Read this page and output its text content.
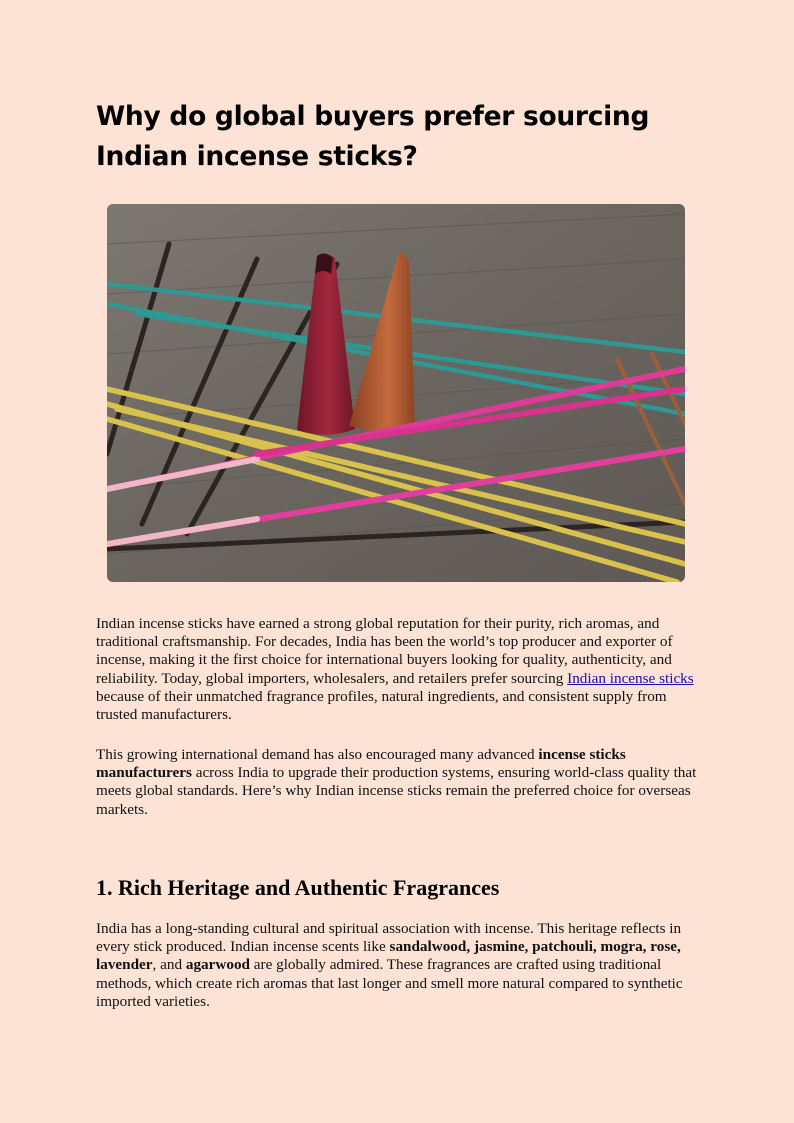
Why do global buyers prefer sourcing Indian incense sticks?

Indian incense sticks have earned a strong global reputation for their purity, rich aromas, and traditional craftsmanship. For decades, India has been the world’s top producer and exporter of incense, making it the first choice for international buyers looking for quality, authenticity, and reliability. Today, global importers, wholesalers, and retailers prefer sourcing Indian incense sticks because of their unmatched fragrance profiles, natural ingredients, and consistent supply from trusted manufacturers.

This growing international demand has also encouraged many advanced incense sticks manufacturers across India to upgrade their production systems, ensuring world-class quality that meets global standards. Here’s why Indian incense sticks remain the preferred choice for overseas markets.

1. Rich Heritage and Authentic Fragrances

India has a long-standing cultural and spiritual association with incense. This heritage reflects in every stick produced. Indian incense scents like sandalwood, jasmine, patchouli, mogra, rose, lavender, and agarwood are globally admired. These fragrances are crafted using traditional methods, which create rich aromas that last longer and smell more natural compared to synthetic imported varieties.
